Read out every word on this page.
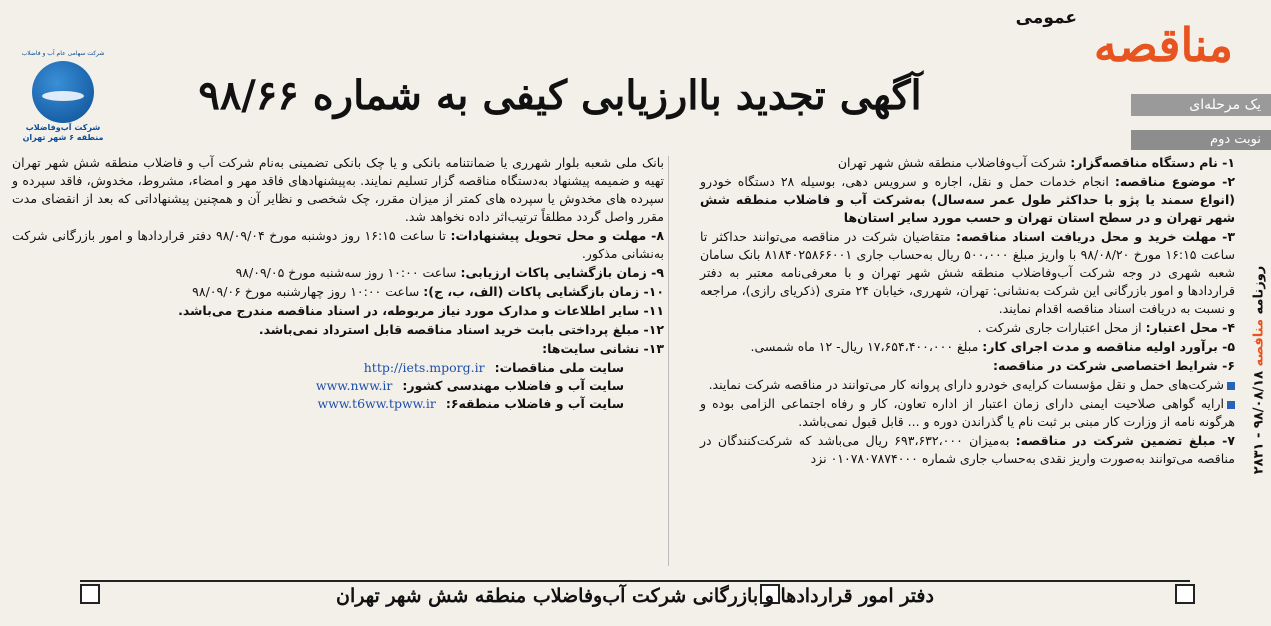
شرکت سهامی عام آب و فاضلاب
شرکت آب‌وفاضلاب
منطقه ۶ شهر تهران
آگهی تجدید باارزیابی کیفی به شماره ۹۸/۶۶
عمومی مناقصه
یک مرحله‌ای
نوبت دوم
روزنامه منافصه ۹۸/۰۸/۱۸ - ۲۸۳۱
۱- نام دستگاه مناقصه‌گزار: شرکت آب‌وفاضلاب منطقه شش شهر تهران
۲- موضوع مناقصه: انجام خدمات حمل و نقل، اجاره و سرویس دهی، بوسیله ۲۸ دستگاه خودرو (انواع سمند یا پژو با حداکثر طول عمر سه‌سال) به‌شرکت آب و فاضلاب منطقه شش شهر تهران و در سطح استان تهران و حسب مورد سایر استان‌ها
۳- مهلت خرید و محل دریافت اسناد مناقصه: متقاضیان شرکت در مناقصه می‌توانند حداکثر تا ساعت ۱۶:۱۵ مورخ ۹۸/۰۸/۲۰ با واریز مبلغ ۵۰۰،۰۰۰ ریال به‌حساب جاری ۸۱۸۴۰۲۵۸۶۶۰۰۱ بانک سامان شعبه شهری در وجه شرکت آب‌وفاضلاب منطقه شش شهر تهران و با معرفی‌نامه معتبر به دفتر قراردادها و امور بازرگانی این شرکت به‌نشانی: تهران، شهرری، خیابان ۲۴ متری (ذکریای رازی)، مراجعه و نسبت به دریافت اسناد مناقصه اقدام نمایند.
۴- محل اعتبار: از محل اعتبارات جاری شرکت .
۵- برآورد اولیه مناقصه و مدت اجرای کار: مبلغ ۱۷،۶۵۴،۴۰۰،۰۰۰ ریال- ۱۲ ماه شمسی.
۶- شرایط اختصاصی شرکت در مناقصه:
شرکت‌های حمل و نقل مؤسسات کرایه‌ی خودرو دارای پروانه کار می‌توانند در مناقصه شرکت نمایند.
ارایه گواهی صلاحیت ایمنی دارای زمان اعتبار از اداره تعاون، کار و رفاه اجتماعی الزامی بوده و هرگونه نامه از وزارت کار مبنی بر ثبت نام یا گذراندن دوره و ... قابل قبول نمی‌باشد.
۷- مبلغ تضمین شرکت در مناقصه: به‌میزان ۶۹۳،۶۳۲،۰۰۰ ریال می‌باشد که شرکت‌کنندگان در مناقصه می‌توانند به‌صورت واریز نقدی به‌حساب جاری شماره ۰۱۰۷۸۰۷۸۷۴۰۰۰ نزد
بانک ملی شعبه بلوار شهرری یا ضمانتنامه بانکی و یا چک بانکی تضمینی به‌نام شرکت آب و فاضلاب منطقه شش شهر تهران تهیه و ضمیمه پیشنهاد به‌دستگاه مناقصه گزار تسلیم نمایند. به‌پیشنهادهای فاقد مهر و امضاء، مشروط، مخدوش، فاقد سپرده و سپرده های مخدوش یا سپرده های کمتر از میزان مقرر، چک شخصی و نظایر آن و همچنین پیشنهاداتی که بعد از انقضای مدت مقرر واصل گردد مطلقاً ترتیب‌اثر داده نخواهد شد.
۸- مهلت و محل تحویل پیشنهادات: تا ساعت ۱۶:۱۵ روز دوشنبه مورخ ۹۸/۰۹/۰۴ دفتر قراردادها و امور بازرگانی شرکت به‌نشانی مذکور.
۹- زمان بازگشایی پاکات ارزیابی: ساعت ۱۰:۰۰ روز سه‌شنبه مورخ ۹۸/۰۹/۰۵
۱۰- زمان بازگشایی پاکات (الف، ب، ج): ساعت ۱۰:۰۰ روز چهارشنبه مورخ ۹۸/۰۹/۰۶
۱۱- سایر اطلاعات و مدارک مورد نیاز مربوطه، در اسناد مناقصه مندرج می‌باشد.
۱۲- مبلغ پرداختی بابت خرید اسناد مناقصه قابل استرداد نمی‌باشد.
۱۳- نشانی سایت‌ها:
سایت ملی مناقصات:
http://iets.mporg.ir
سایت آب و فاضلاب مهندسی کشور:
www.nww.ir
سایت آب و فاضلاب منطقه۶:
www.t6ww.tpww.ir
دفتر امور قراردادها و بازرگانی شرکت آب‌وفاضلاب منطقه شش شهر تهران
